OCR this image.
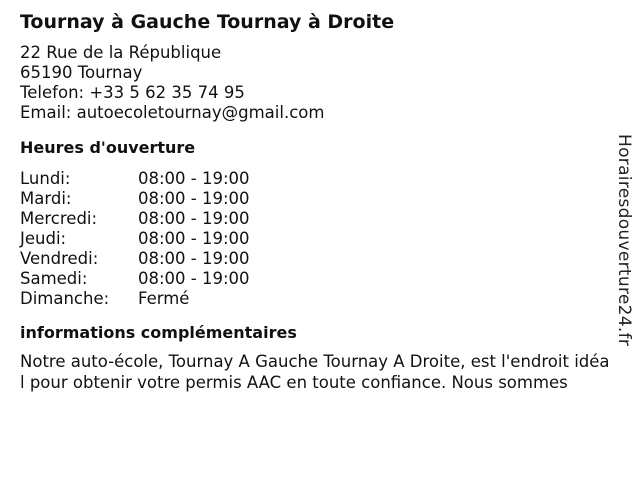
Tournay à Gauche Tournay à Droite
22 Rue de la République
65190 Tournay
Telefon: +33 5 62 35 74 95
Email: autoecoletournay@gmail.com
Heures d'ouverture
Lundi:	08:00 - 19:00
Mardi:	08:00 - 19:00
Mercredi:	08:00 - 19:00
Jeudi:	08:00 - 19:00
Vendredi:	08:00 - 19:00
Samedi:	08:00 - 19:00
Dimanche:	Fermé
informations complémentaires
Notre auto-école, Tournay A Gauche Tournay A Droite, est l'endroit idéal pour obtenir votre permis AAC en toute confiance. Nous sommes
Horairesdouverture24.fr
